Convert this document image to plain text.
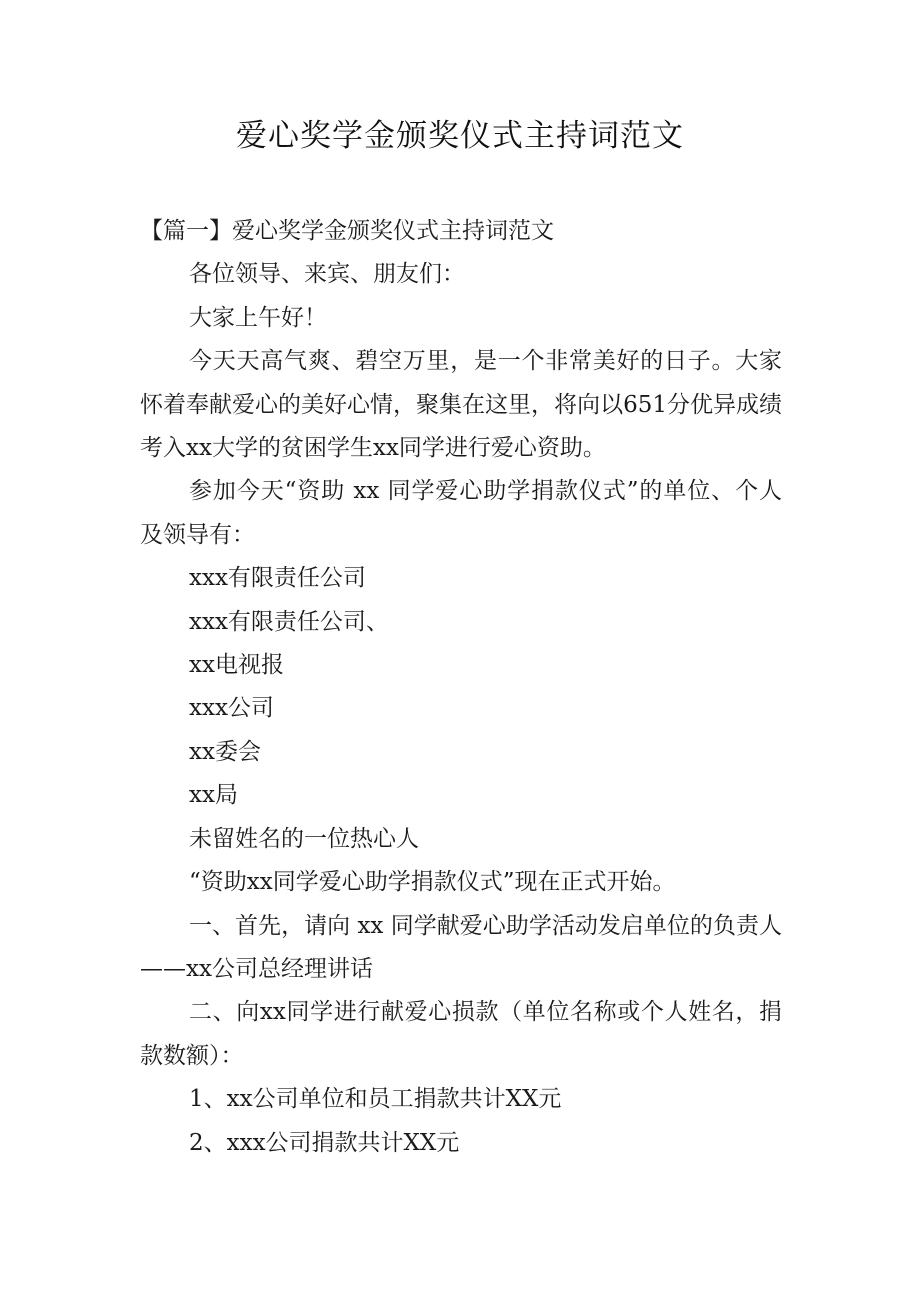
爱心奖学金颁奖仪式主持词范文

【篇一】爱心奖学金颁奖仪式主持词范文

各位领导、来宾、朋友们：

大家上午好！

今天天高气爽、碧空万里，是一个非常美好的日子。大家怀着奉献爱心的美好心情，聚集在这里，将向以651分优异成绩考入xx大学的贫困学生xx同学进行爱心资助。

参加今天“资助 xx 同学爱心助学捐款仪式”的单位、个人及领导有：

xxx有限责任公司

xxx有限责任公司、

xx电视报

xxx公司

xx委会

xx局

未留姓名的一位热心人

“资助xx同学爱心助学捐款仪式”现在正式开始。

一、首先，请向 xx 同学献爱心助学活动发启单位的负责人——xx公司总经理讲话

二、向xx同学进行献爱心损款（单位名称或个人姓名，捐款数额）：

1、xx公司单位和员工捐款共计XX元

2、xxx公司捐款共计XX元
